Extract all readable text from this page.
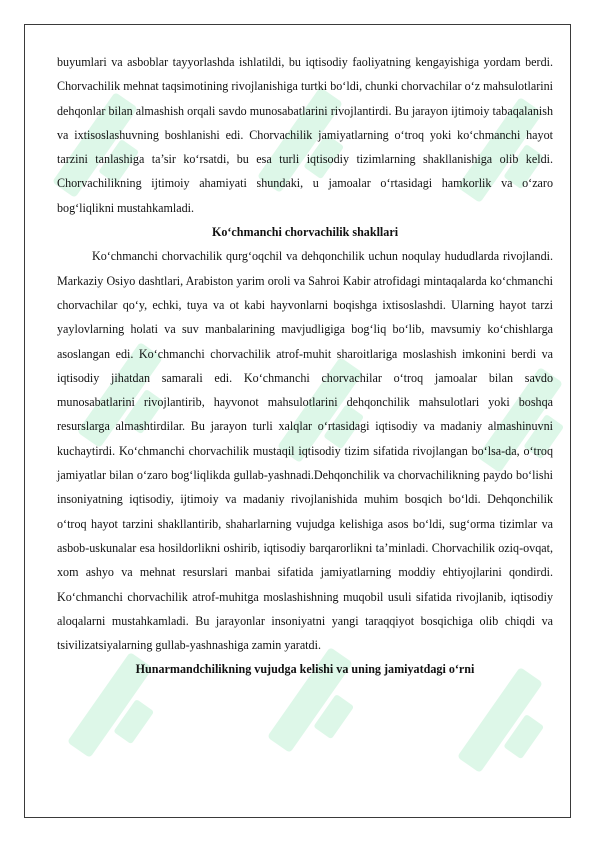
buyumlari va asboblar tayyorlashda ishlatildi, bu iqtisodiy faoliyatning kengayishiga yordam berdi. Chorvachilik mehnat taqsimotining rivojlanishiga turtki bo‘ldi, chunki chorvachilar o‘z mahsulotlarini dehqonlar bilan almashish orqali savdo munosabatlarini rivojlantirdi. Bu jarayon ijtimoiy tabaqalanish va ixtisoslashuvning boshlanishi edi. Chorvachilik jamiyatlarning o‘troq yoki ko‘chmanchi hayot tarzini tanlashiga ta’sir ko‘rsatdi, bu esa turli iqtisodiy tizimlarning shakllanishiga olib keldi. Chorvachilikning ijtimoiy ahamiyati shundaki, u jamoalar o‘rtasidagi hamkorlik va o‘zaro bog‘liqlikni mustahkamladi.

Ko‘chmanchi chorvachilik shakllari

Ko‘chmanchi chorvachilik qurg‘oqchil va dehqonchilik uchun noqulay hududlarda rivojlandi. Markaziy Osiyo dashtlari, Arabiston yarim oroli va Sahroi Kabir atrofidagi mintaqalarda ko‘chmanchi chorvachilar qo‘y, echki, tuya va ot kabi hayvonlarni boqishga ixtisoslashdi. Ularning hayot tarzi yaylovlarning holati va suv manbalarining mavjudligiga bog‘liq bo‘lib, mavsumiy ko‘chishlarga asoslangan edi. Ko‘chmanchi chorvachilik atrof-muhit sharoitlariga moslashish imkonini berdi va iqtisodiy jihatdan samarali edi. Ko‘chmanchi chorvachilar o‘troq jamoalar bilan savdo munosabatlarini rivojlantirib, hayvonot mahsulotlarini dehqonchilik mahsulotlari yoki boshqa resurslarga almashtirdilar. Bu jarayon turli xalqlar o‘rtasidagi iqtisodiy va madaniy almashinuvni kuchaytirdi. Ko‘chmanchi chorvachilik mustaqil iqtisodiy tizim sifatida rivojlangan bo‘lsa-da, o‘troq jamiyatlar bilan o‘zaro bog‘liqlikda gullab-yashnadi.Dehqonchilik va chorvachilikning paydo bo‘lishi insoniyatning iqtisodiy, ijtimoiy va madaniy rivojlanishida muhim bosqich bo‘ldi. Dehqonchilik o‘troq hayot tarzini shakllantirib, shaharlarning vujudga kelishiga asos bo‘ldi, sug‘orma tizimlar va asbob-uskunalar esa hosildorlikni oshirib, iqtisodiy barqarorlikni ta’minladi. Chorvachilik oziq-ovqat, xom ashyo va mehnat resurslari manbai sifatida jamiyatlarning moddiy ehtiyojlarini qondirdi. Ko‘chmanchi chorvachilik atrof-muhitga moslashishning muqobil usuli sifatida rivojlanib, iqtisodiy aloqalarni mustahkamladi. Bu jarayonlar insoniyatni yangi taraqqiyot bosqichiga olib chiqdi va tsivilizatsiyalarning gullab-yashnashiga zamin yaratdi.

Hunarmandchilikning vujudga kelishi va uning jamiyatdagi o‘rni
